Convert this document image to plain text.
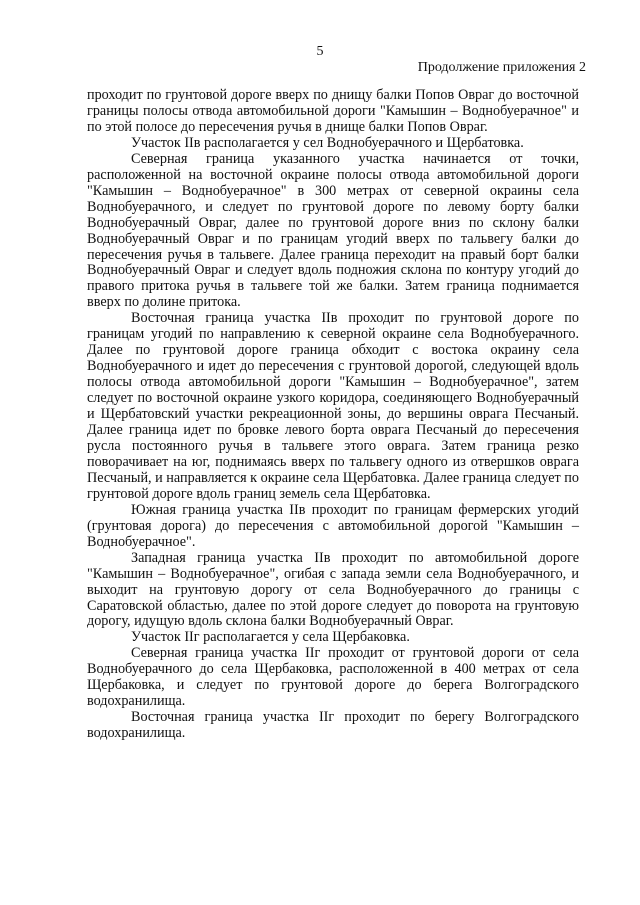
5
Продолжение приложения 2

проходит по грунтовой дороге вверх по днищу балки Попов Овраг до восточной границы полосы отвода автомобильной дороги "Камышин – Воднобуерачное" и по этой полосе до пересечения ручья в днище балки Попов Овраг.

Участок IIв располагается у сел Воднобуерачного и Щербатовка.

Северная граница указанного участка начинается от точки, расположенной на восточной окраине полосы отвода автомобильной дороги "Камышин – Воднобуерачное" в 300 метрах от северной окраины села Воднобуерачного, и следует по грунтовой дороге по левому борту балки Воднобуерачный Овраг, далее по грунтовой дороге вниз по склону балки Воднобуерачный Овраг и по границам угодий вверх по тальвегу балки до пересечения ручья в тальвеге. Далее граница переходит на правый борт балки Воднобуерачный Овраг и следует вдоль подножия склона по контуру угодий до правого притока ручья в тальвеге той же балки. Затем граница поднимается вверх по долине притока.

Восточная граница участка IIв проходит по грунтовой дороге по границам угодий по направлению к северной окраине села Воднобуерачного. Далее по грунтовой дороге граница обходит с востока окраину села Воднобуерачного и идет до пересечения с грунтовой дорогой, следующей вдоль полосы отвода автомобильной дороги "Камышин – Воднобуерачное", затем следует по восточной окраине узкого коридора, соединяющего Воднобуерачный и Щербатовский участки рекреационной зоны, до вершины оврага Песчаный. Далее граница идет по бровке левого борта оврага Песчаный до пересечения русла постоянного ручья в тальвеге этого оврага. Затем граница резко поворачивает на юг, поднимаясь вверх по тальвегу одного из отвершков оврага Песчаный, и направляется к окраине села Щербатовка. Далее граница следует по грунтовой дороге вдоль границ земель села Щербатовка.

Южная граница участка IIв проходит по границам фермерских угодий (грунтовая дорога) до пересечения с автомобильной дорогой "Камышин – Воднобуерачное".

Западная граница участка IIв проходит по автомобильной дороге "Камышин – Воднобуерачное", огибая с запада земли села Воднобуерачного, и выходит на грунтовую дорогу от села Воднобуерачного до границы с Саратовской областью, далее по этой дороге следует до поворота на грунтовую дорогу, идущую вдоль склона балки Воднобуерачный Овраг.

Участок IIг располагается у села Щербаковка.

Северная граница участка IIг проходит от грунтовой дороги от села Воднобуерачного до села Щербаковка, расположенной в 400 метрах от села Щербаковка, и следует по грунтовой дороге до берега Волгоградского водохранилища.

Восточная граница участка IIг проходит по берегу Волгоградского водохранилища.
